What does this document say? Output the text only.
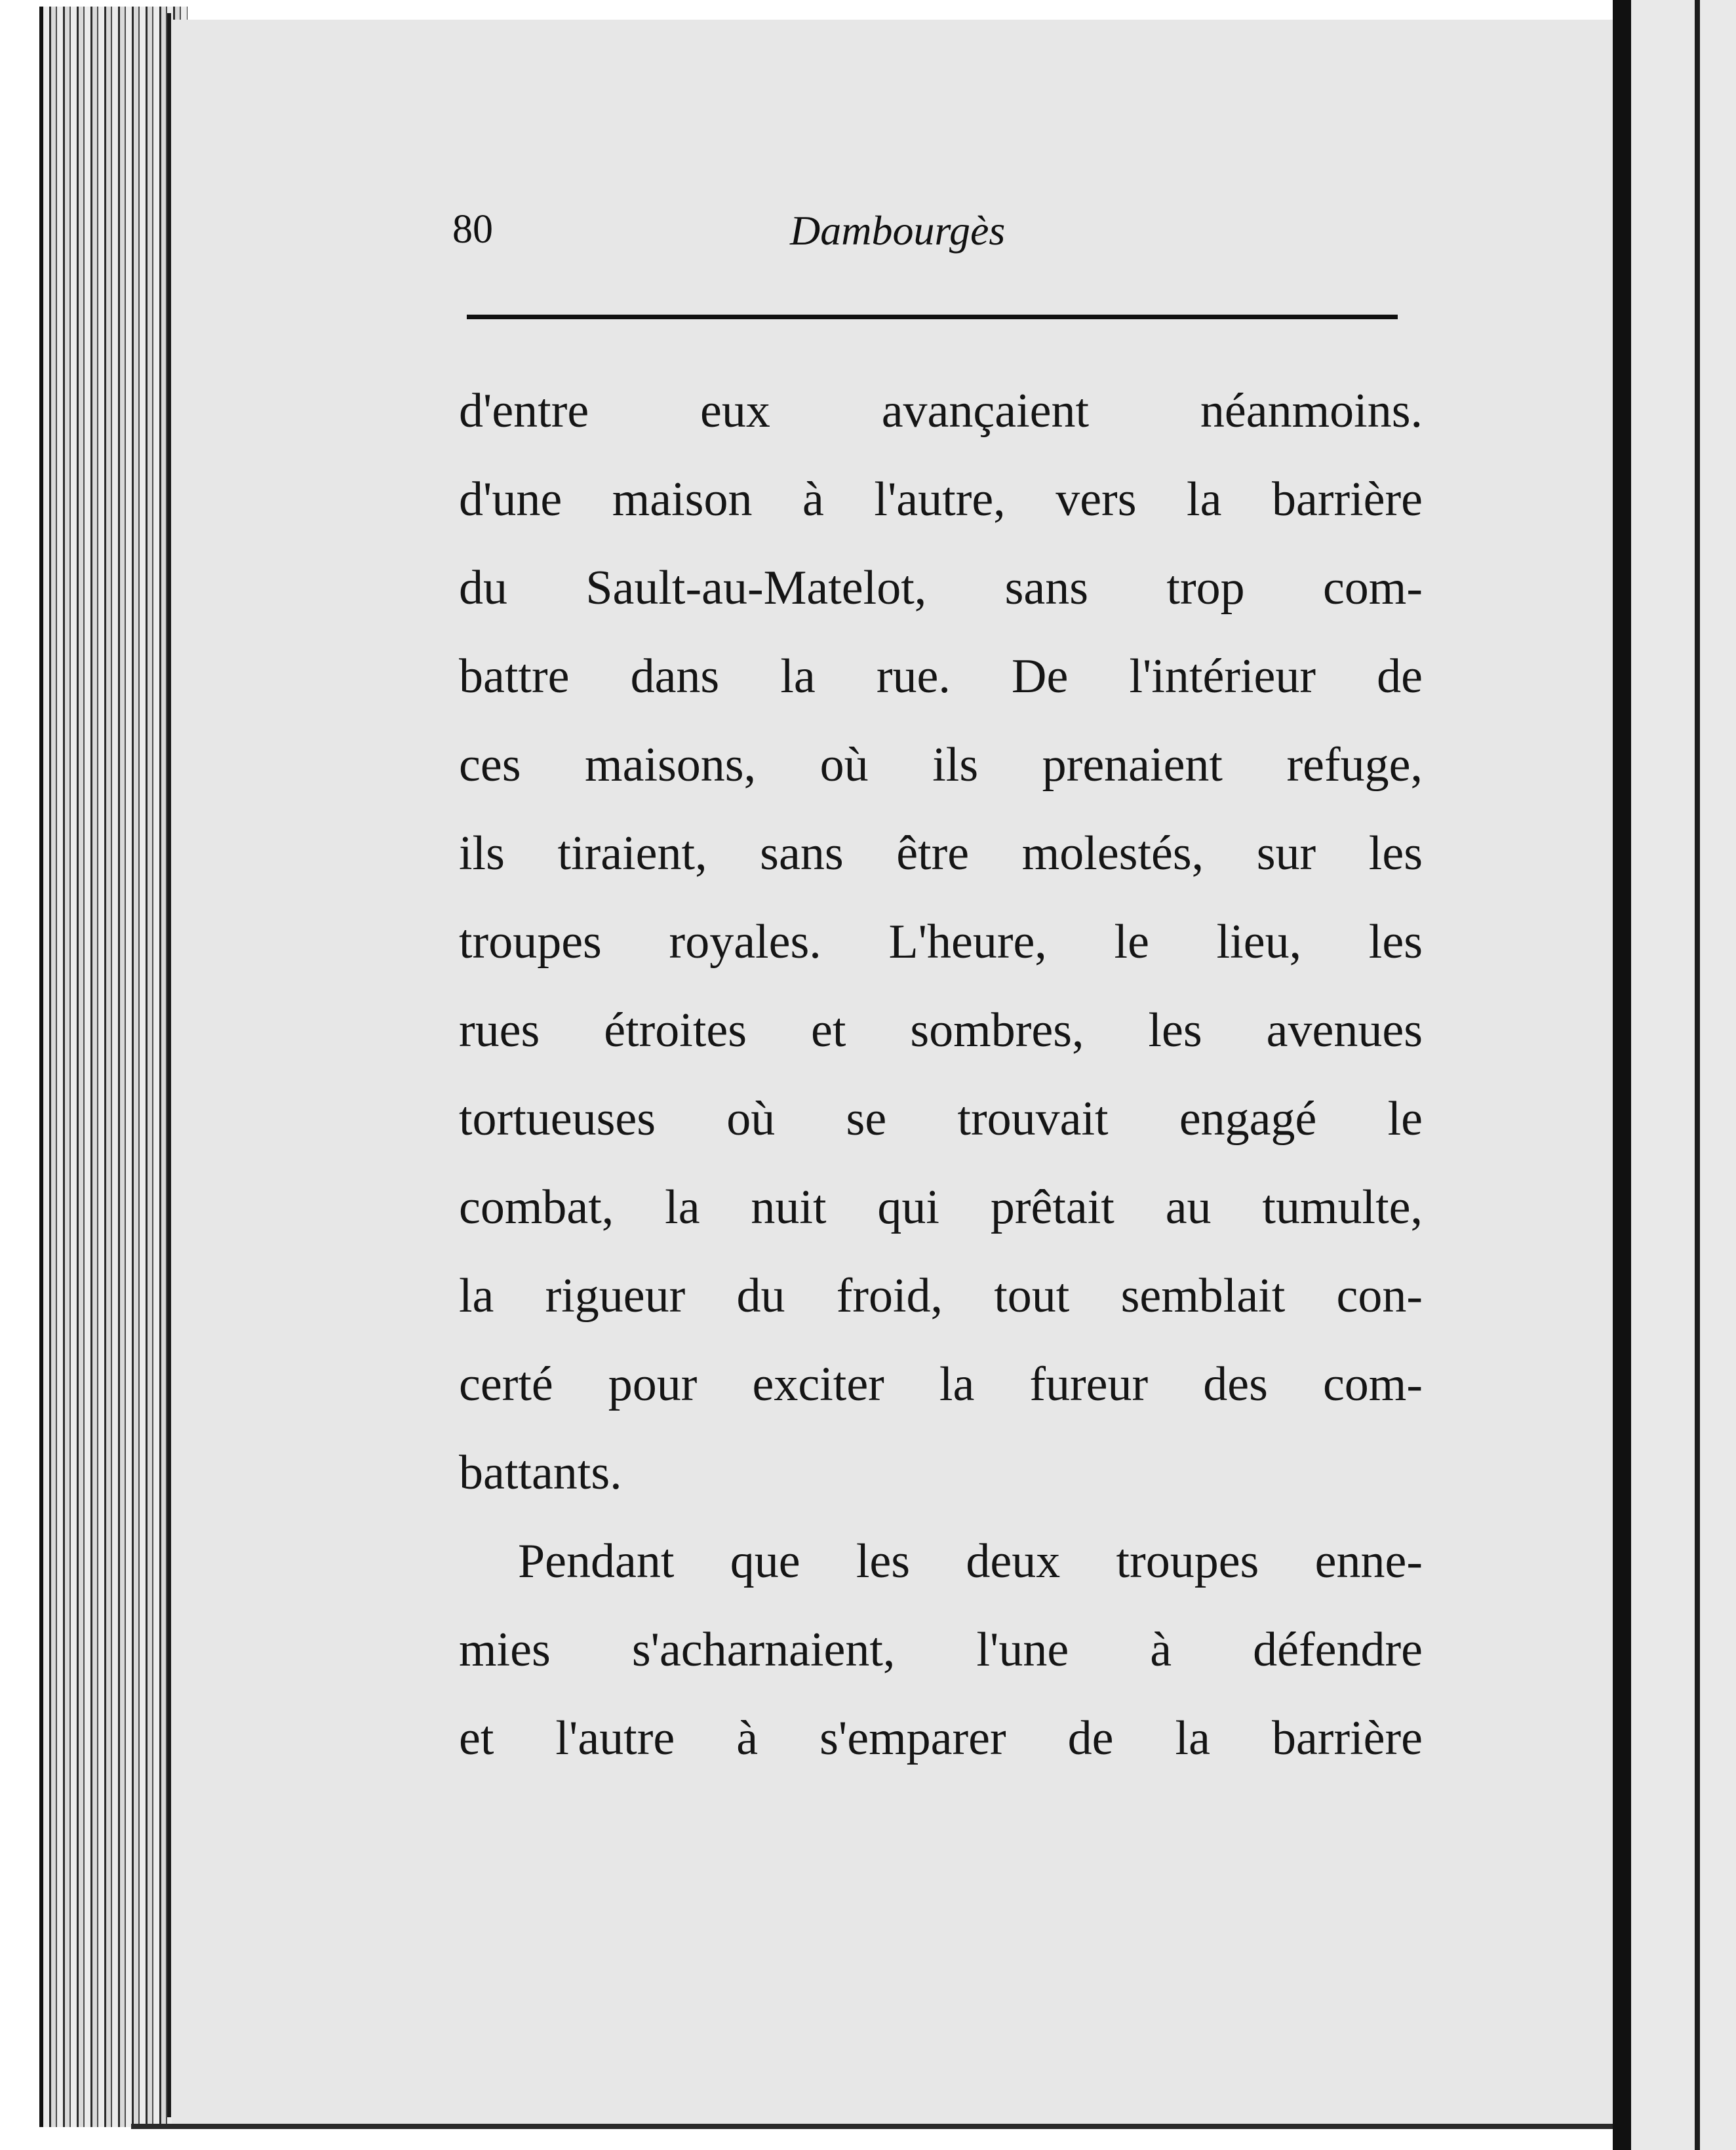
80	Dambourgès
d'entre eux avançaient néanmoins.
d'une maison à l'autre, vers la barrière
du Sault-au-Matelot, sans trop com-
battre dans la rue. De l'intérieur de
ces maisons, où ils prenaient refuge,
ils tiraient, sans être molestés, sur les
troupes royales. L'heure, le lieu, les
rues étroites et sombres, les avenues
tortueuses où se trouvait engagé le
combat, la nuit qui prêtait au tumulte,
la rigueur du froid, tout semblait con-
certé pour exciter la fureur des com-
battants.
Pendant que les deux troupes enne-
mies s'acharnaient, l'une à défendre
et l'autre à s'emparer de la barrière
